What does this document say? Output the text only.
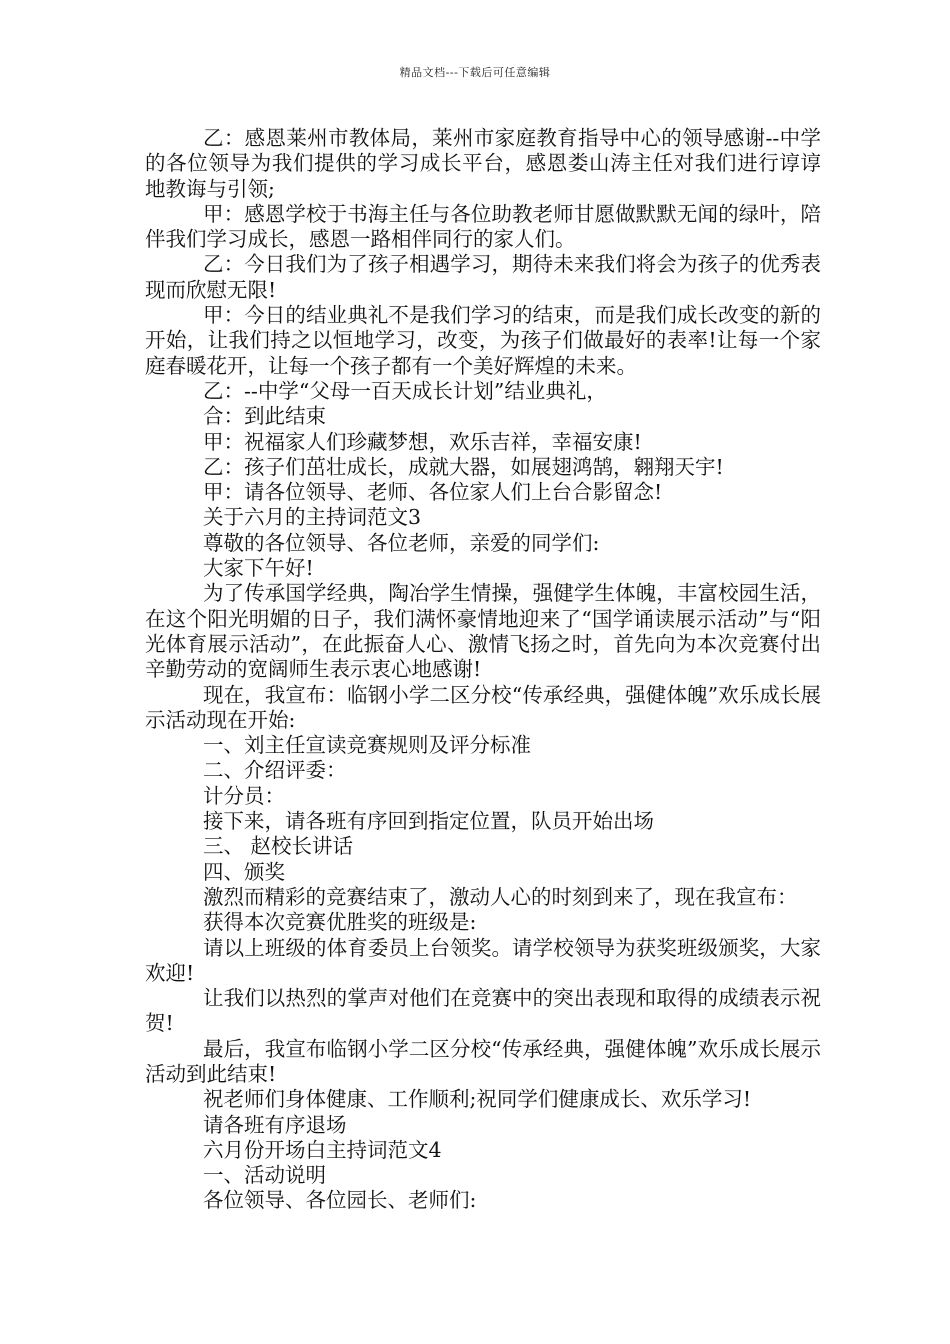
精品文档---下载后可任意编辑

乙：感恩莱州市教体局，莱州市家庭教育指导中心的领导感谢--中学的各位领导为我们提供的学习成长平台，感恩娄山涛主任对我们进行谆谆地教诲与引领;

甲：感恩学校于书海主任与各位助教老师甘愿做默默无闻的绿叶，陪伴我们学习成长，感恩一路相伴同行的家人们。

乙：今日我们为了孩子相遇学习，期待未来我们将会为孩子的优秀表现而欣慰无限!

甲：今日的结业典礼不是我们学习的结束，而是我们成长改变的新的开始，让我们持之以恒地学习，改变，为孩子们做最好的表率!让每一个家庭春暖花开，让每一个孩子都有一个美好辉煌的未来。

乙：--中学“父母一百天成长计划”结业典礼，

合：到此结束

甲：祝福家人们珍藏梦想，欢乐吉祥，幸福安康!

乙：孩子们茁壮成长，成就大器，如展翅鸿鹄，翱翔天宇!

甲：请各位领导、老师、各位家人们上台合影留念!

关于六月的主持词范文3

尊敬的各位领导、各位老师，亲爱的同学们:

大家下午好!

为了传承国学经典，陶冶学生情操，强健学生体魄，丰富校园生活，在这个阳光明媚的日子，我们满怀豪情地迎来了“国学诵读展示活动”与“阳光体育展示活动”，在此振奋人心、激情飞扬之时，首先向为本次竞赛付出辛勤劳动的宽阔师生表示衷心地感谢!

现在，我宣布：临钢小学二区分校“传承经典，强健体魄”欢乐成长展示活动现在开始:

一、刘主任宣读竞赛规则及评分标准

二、介绍评委：

计分员：

接下来，请各班有序回到指定位置，队员开始出场

三、 赵校长讲话

四、颁奖

激烈而精彩的竞赛结束了，激动人心的时刻到来了，现在我宣布：

获得本次竞赛优胜奖的班级是:

请以上班级的体育委员上台领奖。请学校领导为获奖班级颁奖，大家欢迎!

让我们以热烈的掌声对他们在竞赛中的突出表现和取得的成绩表示祝贺!

最后，我宣布临钢小学二区分校“传承经典，强健体魄”欢乐成长展示活动到此结束!

祝老师们身体健康、工作顺利;祝同学们健康成长、欢乐学习!

请各班有序退场

六月份开场白主持词范文4

一、活动说明

各位领导、各位园长、老师们:
